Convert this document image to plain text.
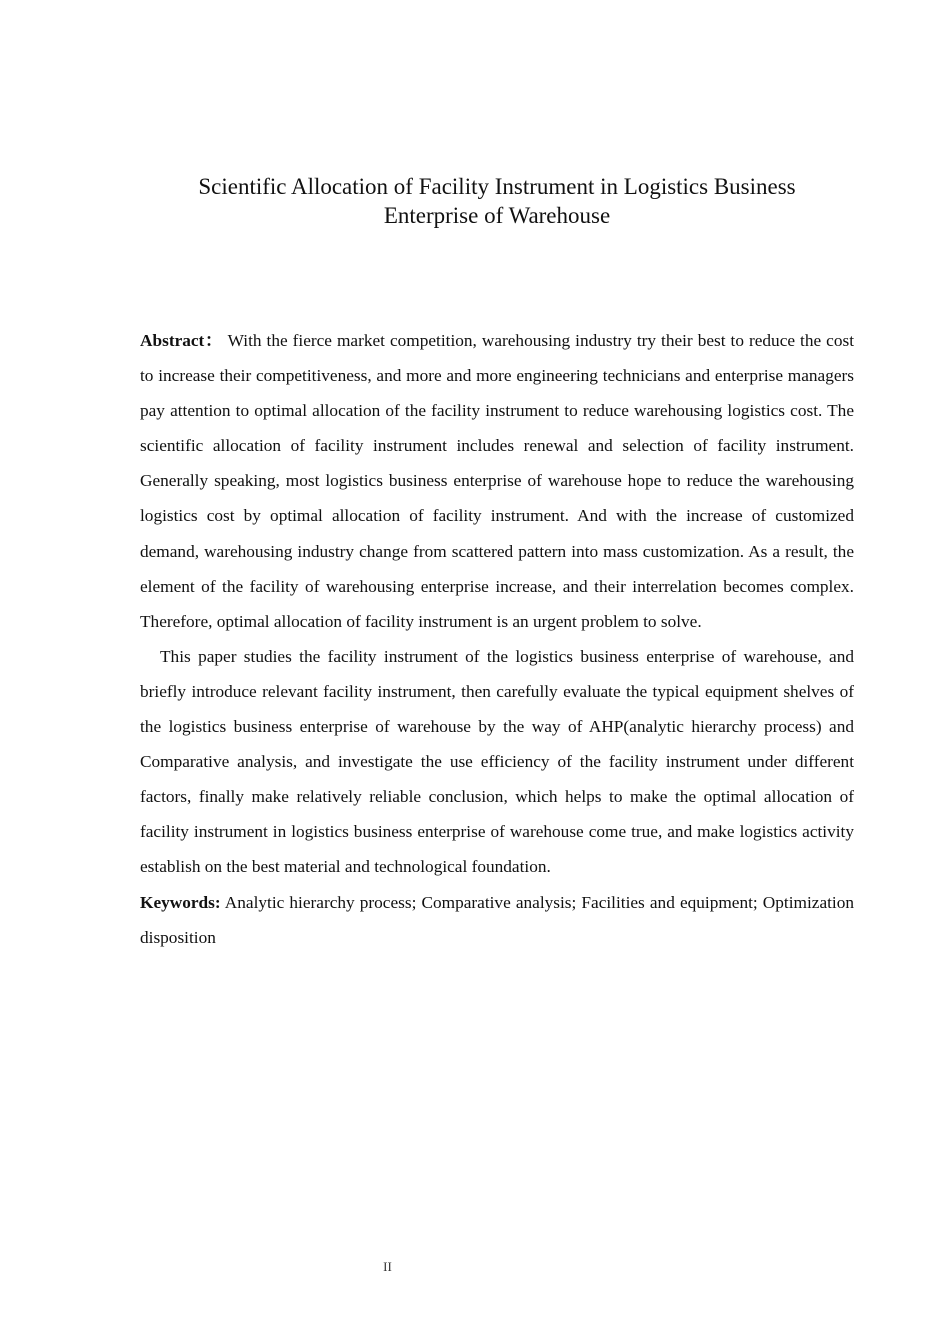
Scientific Allocation of Facility Instrument in Logistics Business
Enterprise of Warehouse

Abstract： With the fierce market competition, warehousing industry try their best to reduce the cost to increase their competitiveness, and more and more engineering technicians and enterprise managers pay attention to optimal allocation of the facility instrument to reduce warehousing logistics cost. The scientific allocation of facility instrument includes renewal and selection of facility instrument. Generally speaking, most logistics business enterprise of warehouse hope to reduce the warehousing logistics cost by optimal allocation of facility instrument. And with the increase of customized demand, warehousing industry change from scattered pattern into mass customization. As a result, the element of the facility of warehousing enterprise increase, and their interrelation becomes complex. Therefore, optimal allocation of facility instrument is an urgent problem to solve.

This paper studies the facility instrument of the logistics business enterprise of warehouse, and briefly introduce relevant facility instrument, then carefully evaluate the typical equipment shelves of the logistics business enterprise of warehouse by the way of AHP(analytic hierarchy process) and Comparative analysis, and investigate the use efficiency of the facility instrument under different factors, finally make relatively reliable conclusion, which helps to make the optimal allocation of facility instrument in logistics business enterprise of warehouse come true, and make logistics activity establish on the best material and technological foundation.

Keywords: Analytic hierarchy process; Comparative analysis; Facilities and equipment; Optimization disposition

II
